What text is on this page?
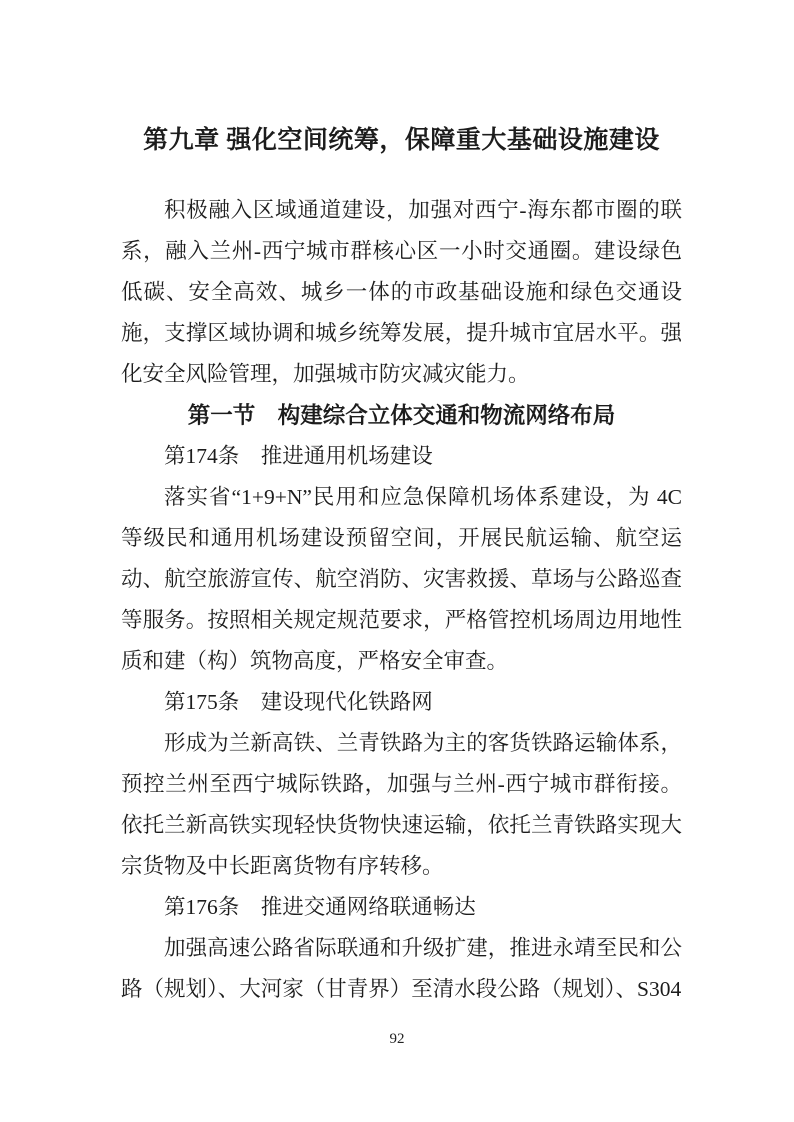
第九章 强化空间统筹，保障重大基础设施建设

积极融入区域通道建设，加强对西宁-海东都市圈的联系，融入兰州-西宁城市群核心区一小时交通圈。建设绿色低碳、安全高效、城乡一体的市政基础设施和绿色交通设施，支撑区域协调和城乡统筹发展，提升城市宜居水平。强化安全风险管理，加强城市防灾减灾能力。

第一节 构建综合立体交通和物流网络布局
第174条 推进通用机场建设

落实省“1+9+N”民用和应急保障机场体系建设，为 4C 等级民和通用机场建设预留空间，开展民航运输、航空运动、航空旅游宣传、航空消防、灾害救援、草场与公路巡查等服务。按照相关规定规范要求，严格管控机场周边用地性质和建（构）筑物高度，严格安全审查。

第175条 建设现代化铁路网

形成为兰新高铁、兰青铁路为主的客货铁路运输体系，预控兰州至西宁城际铁路，加强与兰州-西宁城市群衔接。依托兰新高铁实现轻快货物快速运输，依托兰青铁路实现大宗货物及中长距离货物有序转移。

第176条 推进交通网络联通畅达

加强高速公路省际联通和升级扩建，推进永靖至民和公路（规划）、大河家（甘青界）至清水段公路（规划）、S304

92
